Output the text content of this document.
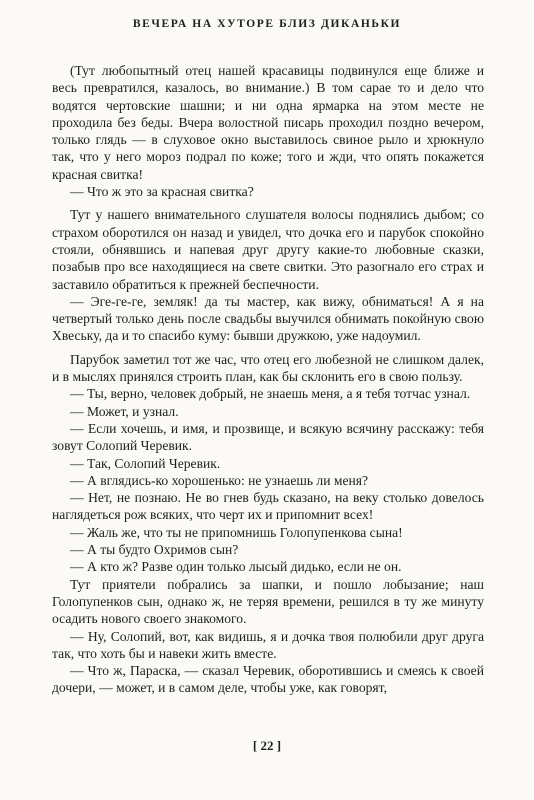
ВЕЧЕРА НА ХУТОРЕ БЛИЗ ДИКАНЬКИ

(Тут любопытный отец нашей красавицы подвинулся еще ближе и весь превратился, казалось, во внимание.) В том сарае то и дело что водятся чертовские шашни; и ни одна ярмарка на этом месте не проходила без беды. Вчера волостной писарь проходил поздно вечером, только глядь — в слуховое окно выставилось свиное рыло и хрюкнуло так, что у него мороз подрал по коже; того и жди, что опять покажется красная свитка!

— Что ж это за красная свитка?

Тут у нашего внимательного слушателя волосы поднялись дыбом; со страхом оборотился он назад и увидел, что дочка его и парубок спокойно стояли, обнявшись и напевая друг другу какие-то любовные сказки, позабыв про все находящиеся на свете свитки. Это разогнало его страх и заставило обратиться к прежней беспечности.

— Эге-ге-ге, земляк! да ты мастер, как вижу, обниматься! А я на четвертый только день после свадьбы выучился обнимать покойную свою Хвеську, да и то спасибо куму: бывши дружкою, уже надоумил.

Парубок заметил тот же час, что отец его любезной не слишком далек, и в мыслях принялся строить план, как бы склонить его в свою пользу.

— Ты, верно, человек добрый, не знаешь меня, а я тебя тотчас узнал.

— Может, и узнал.

— Если хочешь, и имя, и прозвище, и всякую всячину расскажу: тебя зовут Солопий Черевик.

— Так, Солопий Черевик.

— А вглядись-ко хорошенько: не узнаешь ли меня?

— Нет, не познаю. Не во гнев будь сказано, на веку столько довелось наглядеться рож всяких, что черт их и припомнит всех!

— Жаль же, что ты не припомнишь Голопупенкова сына!

— А ты будто Охримов сын?

— А кто ж? Разве один только лысый дидько, если не он.

Тут приятели побрались за шапки, и пошло лобызание; наш Голопупенков сын, однако ж, не теряя времени, решился в ту же минуту осадить нового своего знакомого.

— Ну, Солопий, вот, как видишь, я и дочка твоя полюбили друг друга так, что хоть бы и навеки жить вместе.

— Что ж, Параска, — сказал Черевик, оборотившись и смеясь к своей дочери, — может, и в самом деле, чтобы уже, как говорят,

[ 22 ]
